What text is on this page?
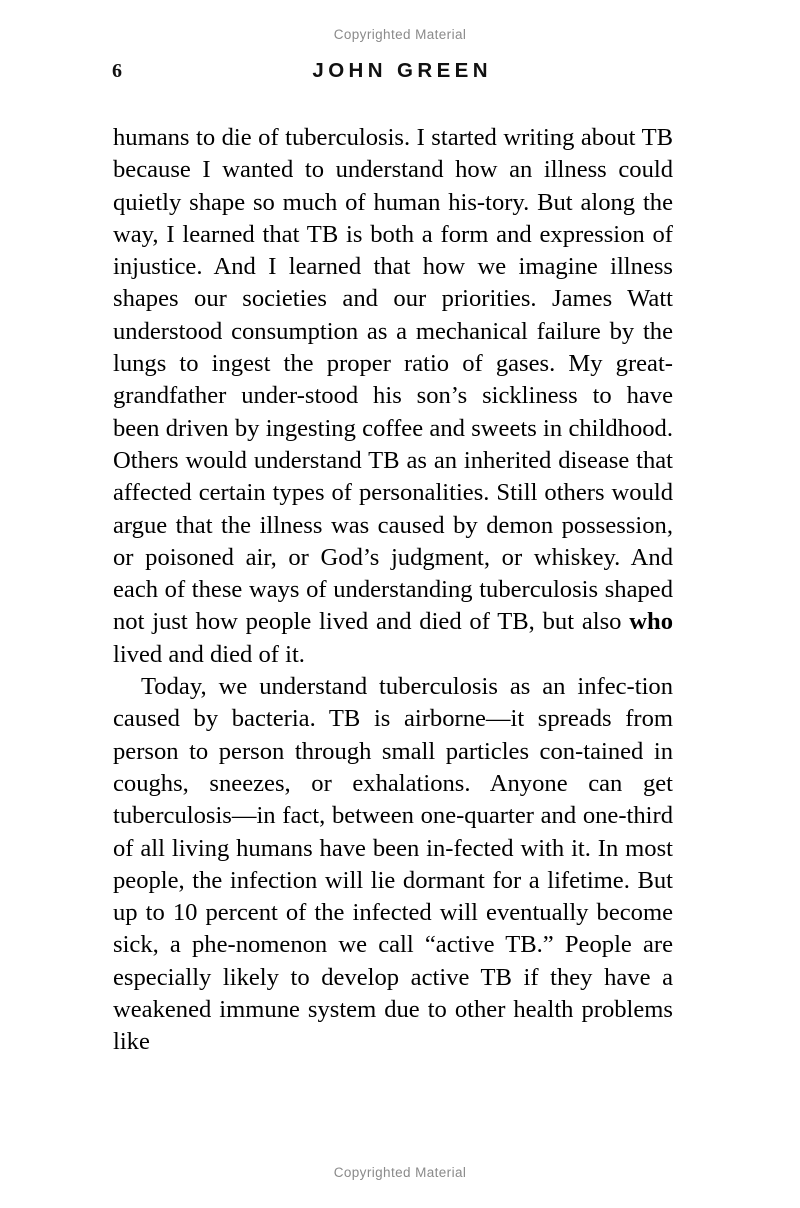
Copyrighted Material
6	JOHN GREEN

humans to die of tuberculosis. I started writing about TB because I wanted to understand how an illness could quietly shape so much of human his-tory. But along the way, I learned that TB is both a form and expression of injustice. And I learned that how we imagine illness shapes our societies and our priorities. James Watt understood consumption as a mechanical failure by the lungs to ingest the proper ratio of gases. My great-grandfather under-stood his son’s sickliness to have been driven by ingesting coffee and sweets in childhood. Others would understand TB as an inherited disease that affected certain types of personalities. Still others would argue that the illness was caused by demon possession, or poisoned air, or God’s judgment, or whiskey. And each of these ways of understanding tuberculosis shaped not just how people lived and died of TB, but also who lived and died of it.

Today, we understand tuberculosis as an infec-tion caused by bacteria. TB is airborne—it spreads from person to person through small particles con-tained in coughs, sneezes, or exhalations. Anyone can get tuberculosis—in fact, between one-quarter and one-third of all living humans have been in-fected with it. In most people, the infection will lie dormant for a lifetime. But up to 10 percent of the infected will eventually become sick, a phe-nomenon we call “active TB.” People are especially likely to develop active TB if they have a weakened immune system due to other health problems like

Copyrighted Material
